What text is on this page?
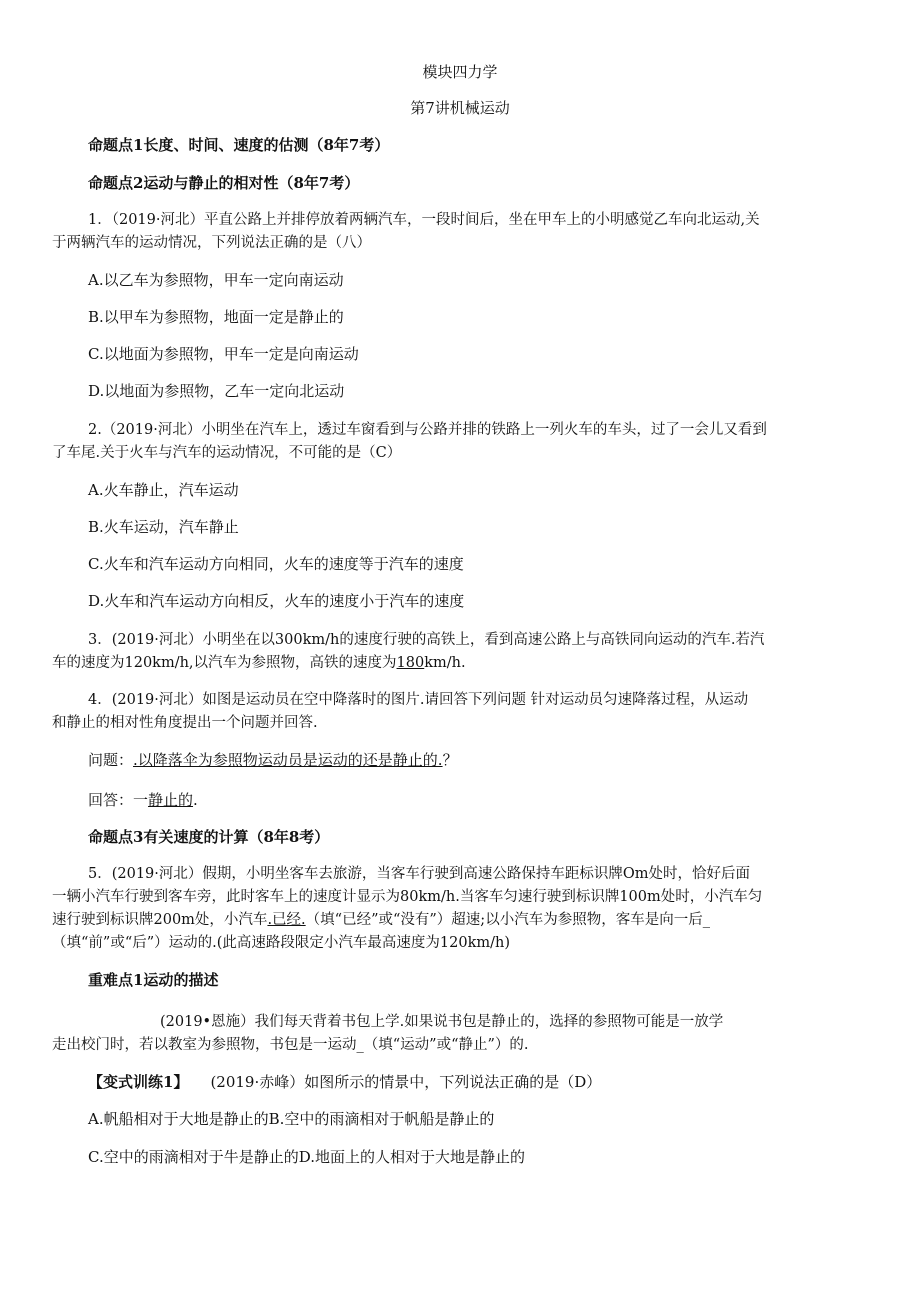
模块四力学
第7讲机械运动
命题点1长度、时间、速度的估测（8年7考）
命题点2运动与静止的相对性（8年7考）
1．（2019·河北）平直公路上并排停放着两辆汽车，一段时间后，坐在甲车上的小明感觉乙车向北运动,关
于两辆汽车的运动情况，下列说法正确的是（八）
A.以乙车为参照物，甲车一定向南运动
B.以甲车为参照物，地面一定是静止的
C.以地面为参照物，甲车一定是向南运动
D.以地面为参照物，乙车一定向北运动
2.（2019·河北）小明坐在汽车上，透过车窗看到与公路并排的铁路上一列火车的车头，过了一会儿又看到
了车尾.关于火车与汽车的运动情况，不可能的是（C）
A.火车静止，汽车运动
B.火车运动，汽车静止
C.火车和汽车运动方向相同，火车的速度等于汽车的速度
D.火车和汽车运动方向相反，火车的速度小于汽车的速度
3．(2019·河北）小明坐在以300km/h的速度行驶的高铁上，看到高速公路上与高铁同向运动的汽车.若汽
车的速度为120km/h,以汽车为参照物，高铁的速度为180km/h.
4．(2019·河北）如图是运动员在空中降落时的图片.请回答下列问题 针对运动员匀速降落过程，从运动
和静止的相对性角度提出一个问题并回答.
问题：.以降落伞为参照物运动员是运动的还是静止的.？
回答：一静止的.
命题点3有关速度的计算（8年8考）
5．(2019·河北）假期，小明坐客车去旅游，当客车行驶到高速公路保持车距标识牌Om处时，恰好后面
一辆小汽车行驶到客车旁，此时客车上的速度计显示为80km/h.当客车匀速行驶到标识牌100m处时，小汽车匀
速行驶到标识牌200m处，小汽车.已经.（填“已经”或“没有”）超速;以小汽车为参照物，客车是向一后_
（填“前”或“后”）运动的.(此高速路段限定小汽车最高速度为120km/h)
重难点1运动的描述
(2019•恩施）我们每天背着书包上学.如果说书包是静止的，选择的参照物可能是一放学
走出校门时，若以教室为参照物，书包是一运动_（填“运动”或“静止”）的.
【变式训练1】 (2019·赤峰）如图所示的情景中，下列说法正确的是（D）
A.帆船相对于大地是静止的B.空中的雨滴相对于帆船是静止的
C.空中的雨滴相对于牛是静止的D.地面上的人相对于大地是静止的
